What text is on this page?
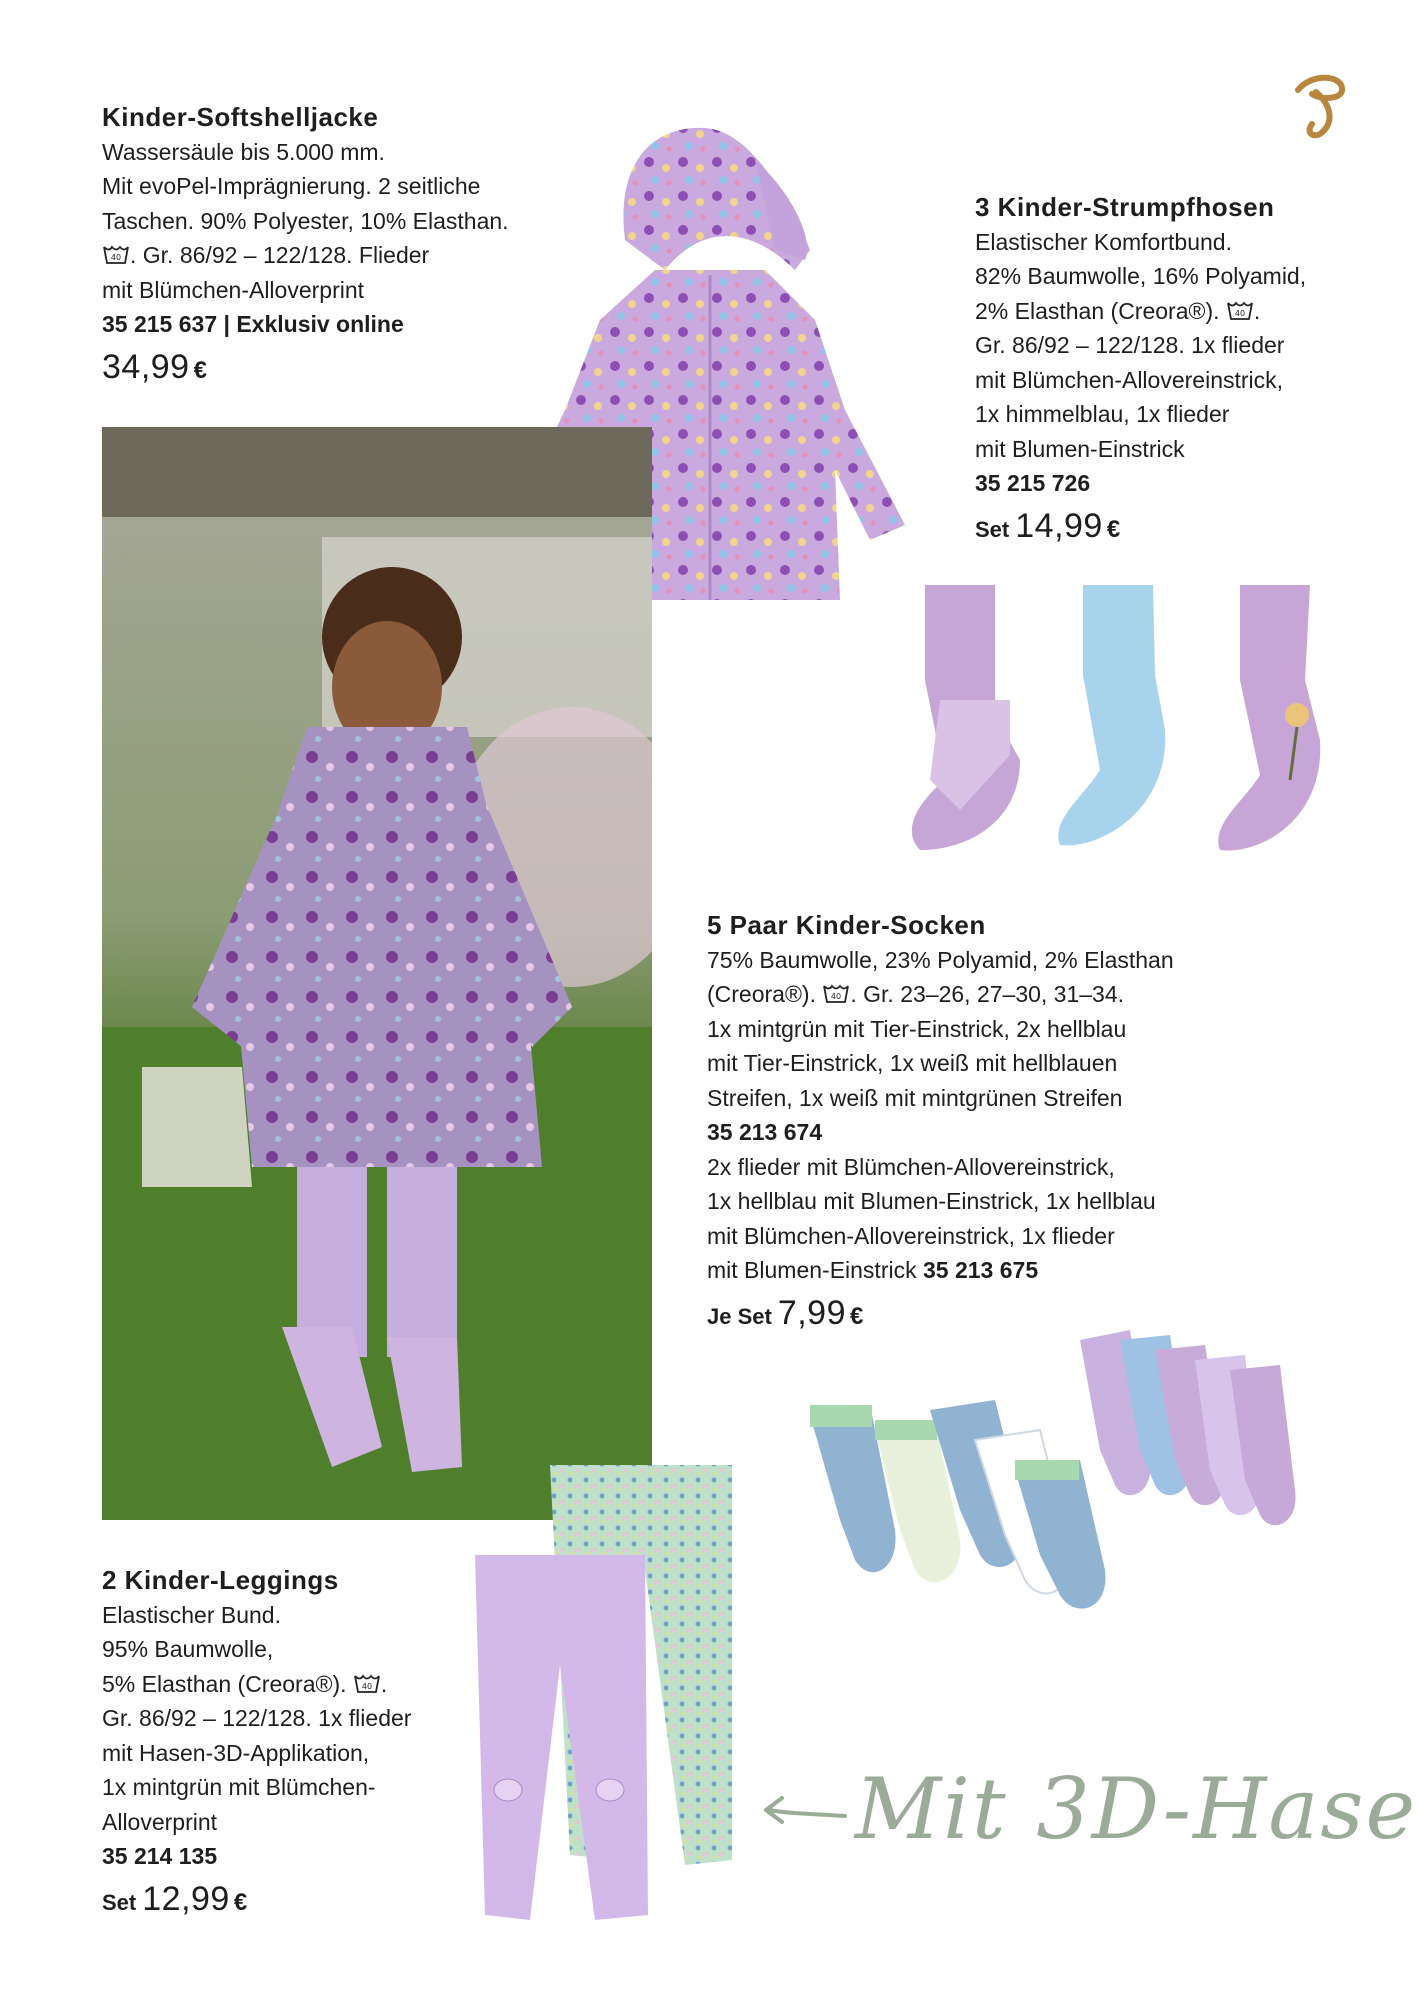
Kinder-Softshelljacke
Wassersäule bis 5.000 mm.
Mit evoPel-Imprägnierung. 2 seitliche
Taschen. 90% Polyester, 10% Elasthan.
40 . Gr. 86/92 – 122/128. Flieder
mit Blümchen-Alloverprint
35 215 637 | Exklusiv online
34,99 €
3 Kinder-Strumpfhosen
Elastischer Komfortbund.
82% Baumwolle, 16% Polyamid,
2% Elasthan (Creora®). 40 .
Gr. 86/92 – 122/128. 1x flieder
mit Blümchen-Allovereinstrick,
1x himmelblau, 1x flieder
mit Blumen-Einstrick
35 215 726
Set 14,99 €
5 Paar Kinder-Socken
75% Baumwolle, 23% Polyamid, 2% Elasthan
(Creora®). 40 . Gr. 23–26, 27–30, 31–34.
1x mintgrün mit Tier-Einstrick, 2x hellblau
mit Tier-Einstrick, 1x weiß mit hellblauen
Streifen, 1x weiß mit mintgrünen Streifen
35 213 674
2x flieder mit Blümchen-Allovereinstrick,
1x hellblau mit Blumen-Einstrick, 1x hellblau
mit Blümchen-Allovereinstrick, 1x flieder
mit Blumen-Einstrick 35 213 675
Je Set 7,99 €
2 Kinder-Leggings
Elastischer Bund.
95% Baumwolle,
5% Elasthan (Creora®). 40 .
Gr. 86/92 – 122/128. 1x flieder
mit Hasen-3D-Applikation,
1x mintgrün mit Blümchen-
Alloverprint
35 214 135
Set 12,99 €
Mit 3D-Hase
